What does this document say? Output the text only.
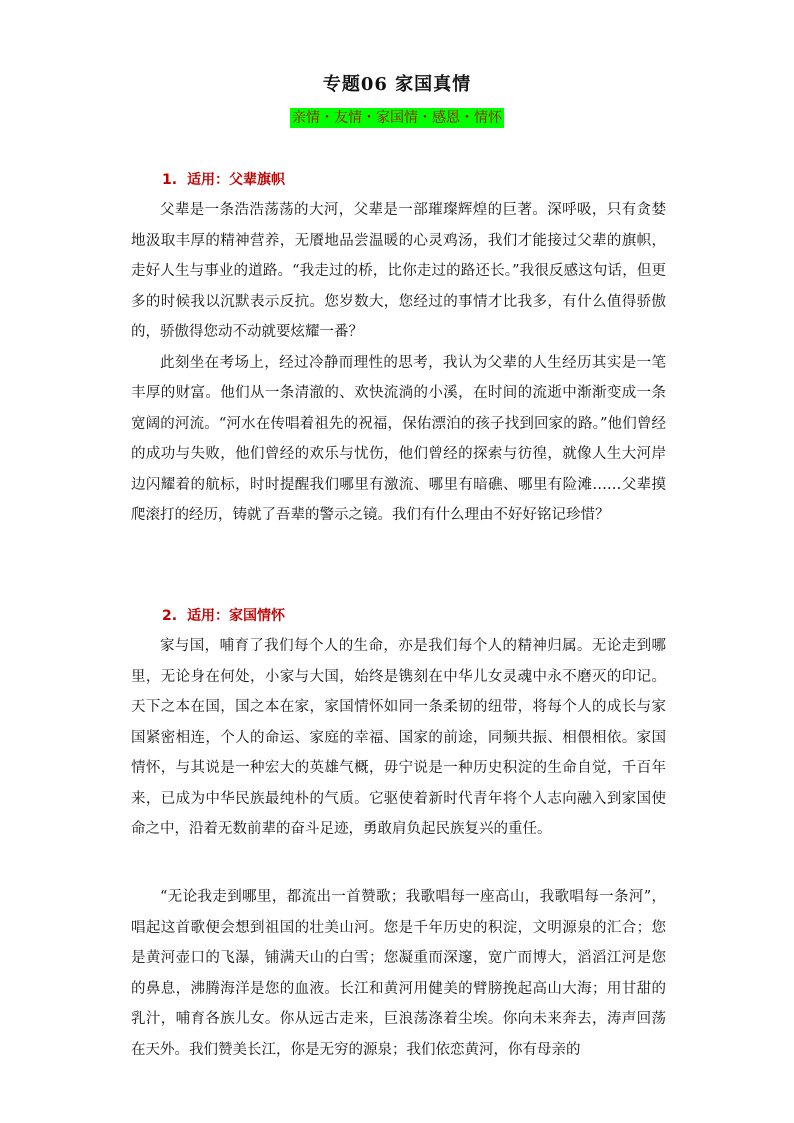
专题06 家国真情
亲情・友情・家国情・感恩・情怀
1. 适用：父辈旗帜

父辈是一条浩浩荡荡的大河，父辈是一部璀璨辉煌的巨著。深呼吸，只有贪婪地汲取丰厚的精神营养，无餍地品尝温暖的心灵鸡汤，我们才能接过父辈的旗帜，走好人生与事业的道路。“我走过的桥，比你走过的路还长。”我很反感这句话，但更多的时候我以沉默表示反抗。您岁数大，您经过的事情才比我多，有什么值得骄傲的，骄傲得您动不动就要炫耀一番？

此刻坐在考场上，经过冷静而理性的思考，我认为父辈的人生经历其实是一笔丰厚的财富。他们从一条清澈的、欢快流淌的小溪，在时间的流逝中渐渐变成一条宽阔的河流。“河水在传唱着祖先的祝福，保佑漂泊的孩子找到回家的路。”他们曾经的成功与失败，他们曾经的欢乐与忧伤，他们曾经的探索与彷徨，就像人生大河岸边闪耀着的航标，时时提醒我们哪里有激流、哪里有暗礁、哪里有险滩……父辈摸爬滚打的经历，铸就了吾辈的警示之镜。我们有什么理由不好好铭记珍惜？

2. 适用：家国情怀

家与国，哺育了我们每个人的生命，亦是我们每个人的精神归属。无论走到哪里，无论身在何处，小家与大国，始终是镌刻在中华儿女灵魂中永不磨灭的印记。天下之本在国，国之本在家，家国情怀如同一条柔韧的纽带，将每个人的成长与家国紧密相连，个人的命运、家庭的幸福、国家的前途，同频共振、相偎相依。家国情怀，与其说是一种宏大的英雄气概，毋宁说是一种历史积淀的生命自觉，千百年来，已成为中华民族最纯朴的气质。它驱使着新时代青年将个人志向融入到家国使命之中，沿着无数前辈的奋斗足迹，勇敢肩负起民族复兴的重任。

“无论我走到哪里，都流出一首赞歌；我歌唱每一座高山，我歌唱每一条河”，唱起这首歌便会想到祖国的壮美山河。您是千年历史的积淀，文明源泉的汇合；您是黄河壶口的飞瀑，铺满天山的白雪；您凝重而深邃，宽广而博大，滔滔江河是您的鼻息，沸腾海洋是您的血液。长江和黄河用健美的臂膀挽起高山大海；用甘甜的乳汁，哺育各族儿女。你从远古走来，巨浪荡涤着尘埃。你向未来奔去，涛声回荡在天外。我们赞美长江，你是无穷的源泉；我们依恋黄河，你有母亲的
